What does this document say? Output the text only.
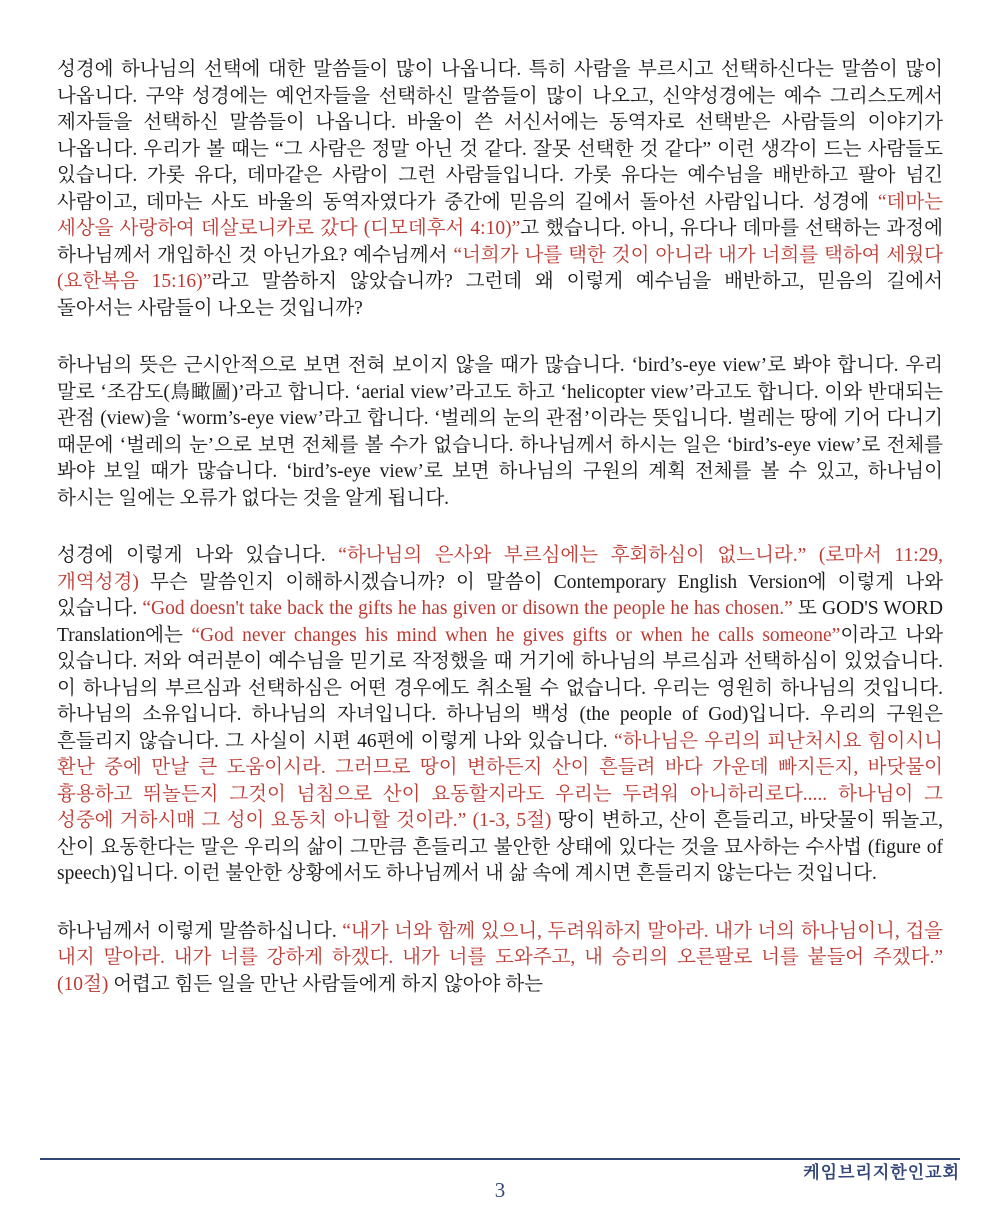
성경에 하나님의 선택에 대한 말씀들이 많이 나옵니다. 특히 사람을 부르시고 선택하신다는 말씀이 많이 나옵니다. 구약 성경에는 예언자들을 선택하신 말씀들이 많이 나오고, 신약성경에는 예수 그리스도께서 제자들을 선택하신 말씀들이 나옵니다. 바울이 쓴 서신서에는 동역자로 선택받은 사람들의 이야기가 나옵니다. 우리가 볼 때는 “그 사람은 정말 아닌 것 같다. 잘못 선택한 것 같다” 이런 생각이 드는 사람들도 있습니다. 가롯 유다, 데마같은 사람이 그런 사람들입니다. 가롯 유다는 예수님을 배반하고 팔아 넘긴 사람이고, 데마는 사도 바울의 동역자였다가 중간에 믿음의 길에서 돌아선 사람입니다. 성경에 “데마는 세상을 사랑하여 데살로니카로 갔다 (디모데후서 4:10)”고 했습니다. 아니, 유다나 데마를 선택하는 과정에 하나님께서 개입하신 것 아닌가요? 예수님께서 “너희가 나를 택한 것이 아니라 내가 너희를 택하여 세웠다 (요한복음 15:16)”라고 말씀하지 않았습니까? 그런데 왜 이렇게 예수님을 배반하고, 믿음의 길에서 돌아서는 사람들이 나오는 것입니까?
하나님의 뜻은 근시안적으로 보면 전혀 보이지 않을 때가 많습니다. ‘bird’s-eye view’로 봐야 합니다. 우리 말로 ‘조감도(鳥瞰圖)’라고 합니다. ‘aerial view’라고도 하고 ‘helicopter view’라고도 합니다. 이와 반대되는 관점 (view)을 ‘worm’s-eye view’라고 합니다. ‘벌레의 눈의 관점’이라는 뜻입니다. 벌레는 땅에 기어 다니기 때문에 ‘벌레의 눈’으로 보면 전체를 볼 수가 없습니다. 하나님께서 하시는 일은 ‘bird’s-eye view’로 전체를 봐야 보일 때가 많습니다. ‘bird’s-eye view’로 보면 하나님의 구원의 계획 전체를 볼 수 있고, 하나님이 하시는 일에는 오류가 없다는 것을 알게 됩니다.
성경에 이렇게 나와 있습니다. “하나님의 은사와 부르심에는 후회하심이 없느니라.” (로마서 11:29, 개역성경) 무슨 말씀인지 이해하시겠습니까? 이 말씀이 Contemporary English Version에 이렇게 나와 있습니다. “God doesn't take back the gifts he has given or disown the people he has chosen.” 또 GOD'S WORD Translation에는 “God never changes his mind when he gives gifts or when he calls someone”이라고 나와 있습니다. 저와 여러분이 예수님을 믿기로 작정했을 때 거기에 하나님의 부르심과 선택하심이 있었습니다. 이 하나님의 부르심과 선택하심은 어떤 경우에도 취소될 수 없습니다. 우리는 영원히 하나님의 것입니다. 하나님의 소유입니다. 하나님의 자녀입니다. 하나님의 백성 (the people of God)입니다. 우리의 구원은 흔들리지 않습니다. 그 사실이 시편 46편에 이렇게 나와 있습니다. “하나님은 우리의 피난처시요 힘이시니 환난 중에 만날 큰 도움이시라. 그러므로 땅이 변하든지 산이 흔들려 바다 가운데 빠지든지, 바닷물이 흉용하고 뛰놀든지 그것이 넘침으로 산이 요동할지라도 우리는 두려워 아니하리로다..... 하나님이 그 성중에 거하시매 그 성이 요동치 아니할 것이라.” (1-3, 5절) 땅이 변하고, 산이 흔들리고, 바닷물이 뛰놀고, 산이 요동한다는 말은 우리의 삶이 그만큼 흔들리고 불안한 상태에 있다는 것을 묘사하는 수사법 (figure of speech)입니다. 이런 불안한 상황에서도 하나님께서 내 삶 속에 계시면 흔들리지 않는다는 것입니다.
하나님께서 이렇게 말씀하십니다. “내가 너와 함께 있으니, 두려워하지 말아라. 내가 너의 하나님이니, 겁을 내지 말아라. 내가 너를 강하게 하겠다. 내가 너를 도와주고, 내 승리의 오른팔로 너를 붙들어 주겠다.” (10절) 어렵고 힘든 일을 만난 사람들에게 하지 않아야 하는
케임브리지한인교회
3
